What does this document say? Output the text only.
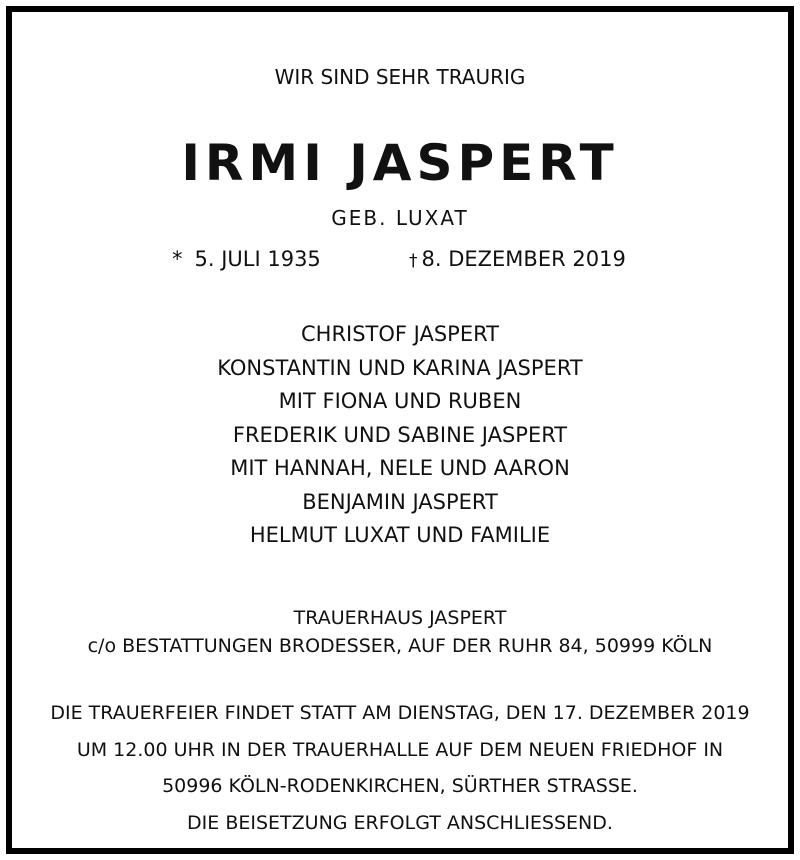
WIR SIND SEHR TRAURIG
IRMI JASPERT
GEB. LUXAT
* 5. JULI 1935	† 8. DEZEMBER 2019
CHRISTOF JASPERT
KONSTANTIN UND KARINA JASPERT
MIT FIONA UND RUBEN
FREDERIK UND SABINE JASPERT
MIT HANNAH, NELE UND AARON
BENJAMIN JASPERT
HELMUT LUXAT UND FAMILIE
TRAUERHAUS JASPERT
c/o BESTATTUNGEN BRODESSER, AUF DER RUHR 84, 50999 KÖLN
DIE TRAUERFEIER FINDET STATT AM DIENSTAG, DEN 17. DEZEMBER 2019
UM 12.00 UHR IN DER TRAUERHALLE AUF DEM NEUEN FRIEDHOF IN
50996 KÖLN-RODENKIRCHEN, SÜRTHER STRASSE.
DIE BEISETZUNG ERFOLGT ANSCHLIESSEND.
